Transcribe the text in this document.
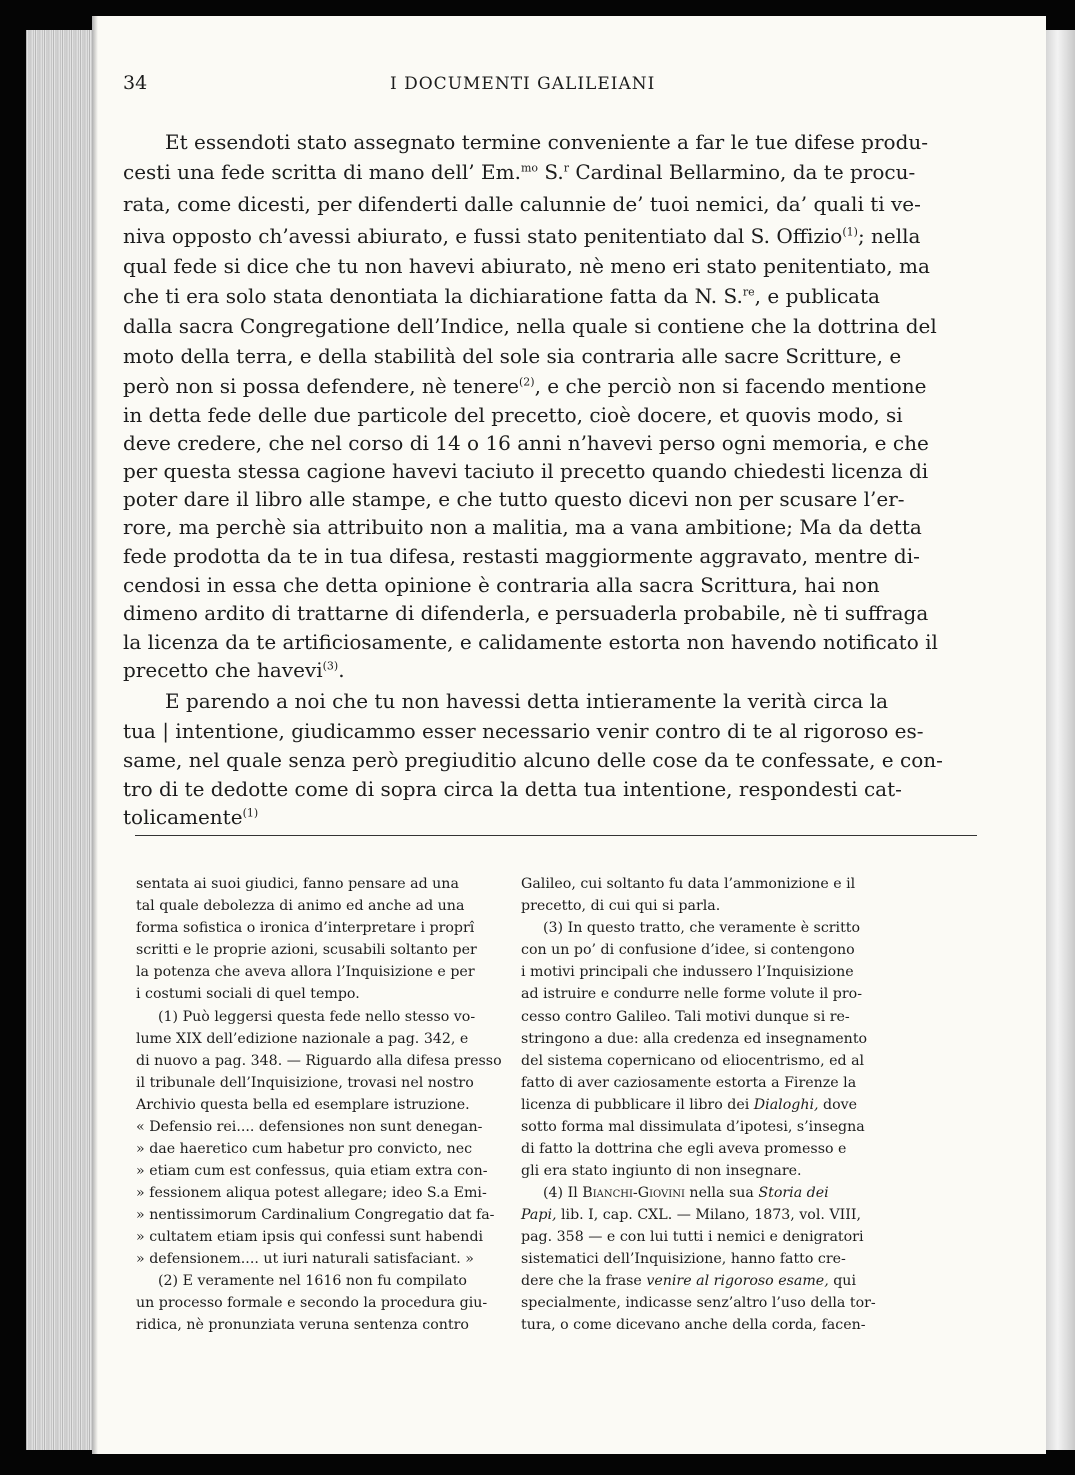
34	I DOCUMENTI GALILEIANI
Et essendoti stato assegnato termine conveniente a far le tue difese produ-
cesti una fede scritta di mano dell’ Em.$^{mo}$ S.$^r$ Cardinal Bellarmino, da te procu-
rata, come dicesti, per difenderti dalle calunnie de’ tuoi nemici, da’ quali ti ve-
niva opposto ch’avessi abiurato, e fussi stato penitentiato dal S. Offizio$^{(1)}$; nella
qual fede si dice che tu non havevi abiurato, nè meno eri stato penitentiato, ma
che ti era solo stata denontiata la dichiaratione fatta da N. S.$^{re}$, e publicata
dalla sacra Congregatione dell’Indice, nella quale si contiene che la dottrina del
moto della terra, e della stabilità del sole sia contraria alle sacre Scritture, e
però non si possa defendere, nè tenere$^{(2)}$, e che perciò non si facendo mentione
in detta fede delle due particole del precetto, cioè docere, et quovis modo, si
deve credere, che nel corso di 14 o 16 anni n’havevi perso ogni memoria, e che
per questa stessa cagione havevi taciuto il precetto quando chiedesti licenza di
poter dare il libro alle stampe, e che tutto questo dicevi non per scusare l’er-
rore, ma perchè sia attribuito non a malitia, ma a vana ambitione; Ma da detta
fede prodotta da te in tua difesa, restasti maggiormente aggravato, mentre di-
cendosi in essa che detta opinione è contraria alla sacra Scrittura, hai non
dimeno ardito di trattarne di difenderla, e persuaderla probabile, nè ti suffraga
la licenza da te artificiosamente, e calidamente estorta non havendo notificato il
precetto che havevi$^{(3)}$.
E parendo a noi che tu non havessi detta intieramente la verità circa la
tua | intentione, giudicammo esser necessario venir contro di te al rigoroso es-
same, nel quale senza però pregiuditio alcuno delle cose da te confessate, e con-
tro di te dedotte come di sopra circa la detta tua intentione, respondesti cat-
tolicamente$^{(1)}$
sentata ai suoi giudici, fanno pensare ad una
tal quale debolezza di animo ed anche ad una
forma sofistica o ironica d’interpretare i proprî
scritti e le proprie azioni, scusabili soltanto per
la potenza che aveva allora l’Inquisizione e per
i costumi sociali di quel tempo.
(1) Può leggersi questa fede nello stesso vo-
lume XIX dell’edizione nazionale a pag. 342, e
di nuovo a pag. 348. — Riguardo alla difesa presso
il tribunale dell’Inquisizione, trovasi nel nostro
Archivio questa bella ed esemplare istruzione.
« Defensio rei.... defensiones non sunt denegan-
» dae haeretico cum habetur pro convicto, nec
» etiam cum est confessus, quia etiam extra con-
» fessionem aliqua potest allegare; ideo S.a Emi-
» nentissimorum Cardinalium Congregatio dat fa-
» cultatem etiam ipsis qui confessi sunt habendi
» defensionem.... ut iuri naturali satisfaciant. »
(2) E veramente nel 1616 non fu compilato
un processo formale e secondo la procedura giu-
ridica, nè pronunziata veruna sentenza contro
Galileo, cui soltanto fu data l’ammonizione e il
precetto, di cui qui si parla.
(3) In questo tratto, che veramente è scritto
con un po’ di confusione d’idee, si contengono
i motivi principali che indussero l’Inquisizione
ad istruire e condurre nelle forme volute il pro-
cesso contro Galileo. Tali motivi dunque si re-
stringono a due: alla credenza ed insegnamento
del sistema copernicano od eliocentrismo, ed al
fatto di aver caziosamente estorta a Firenze la
licenza di pubblicare il libro dei Dialoghi, dove
sotto forma mal dissimulata d’ipotesi, s’insegna
di fatto la dottrina che egli aveva promesso e
gli era stato ingiunto di non insegnare.
(4) Il Bianchi-Giovini nella sua Storia dei
Papi, lib. I, cap. CXL. — Milano, 1873, vol. VIII,
pag. 358 — e con lui tutti i nemici e denigratori
sistematici dell’Inquisizione, hanno fatto cre-
dere che la frase venire al rigoroso esame, qui
specialmente, indicasse senz’altro l’uso della tor-
tura, o come dicevano anche della corda, facen-
